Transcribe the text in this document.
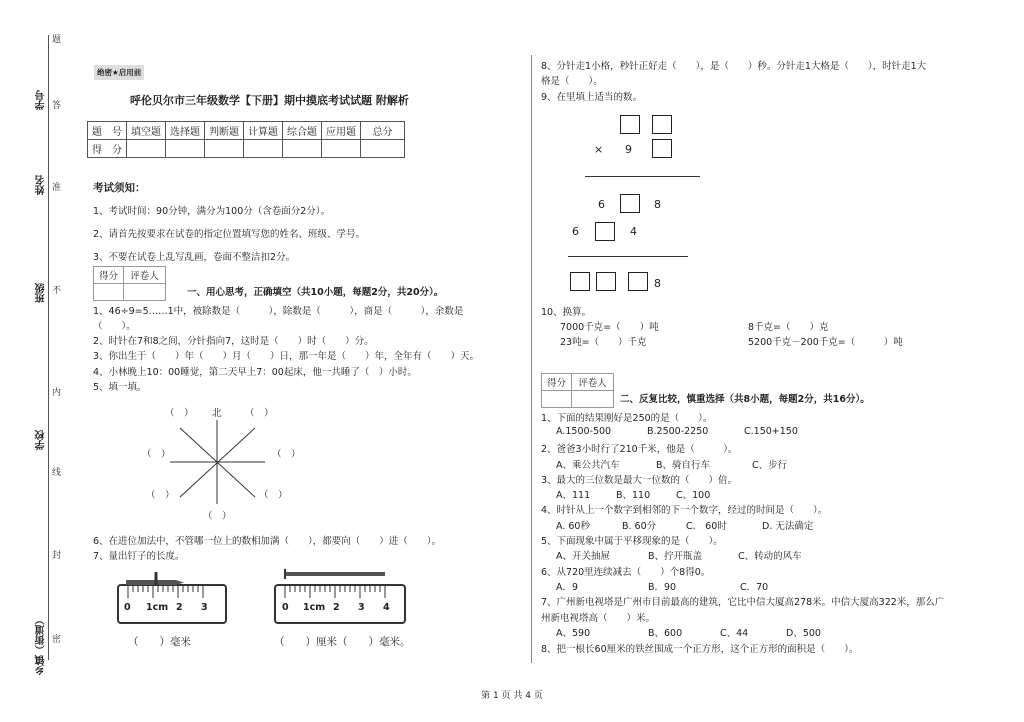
题
答
准
不
内
线
封
密
学号
姓名
班级
学校
乡镇（街道）
绝密★启用前
呼伦贝尔市三年级数学【下册】期中摸底考试试题 附解析
题　号	填空题	选择题	判断题	计算题	综合题	应用题	总分
得　分							
考试须知：
1、考试时间：90分钟，满分为100分（含卷面分2分）。
2、请首先按要求在试卷的指定位置填写您的姓名、班级、学号。
3、不要在试卷上乱写乱画，卷面不整洁扣2分。
得分	评卷人

一、用心思考，正确填空（共10小题，每题2分，共20分）。
1、46÷9=5……1中，被除数是（　　　），除数是（　　　），商是（　　　），余数是
（　　）。
2、时针在7和8之间，分针指向7，这时是（　　）时（　　）分。
3、你出生于（　　）年（　　）月（　　）日，那一年是（　　）年，全年有（　　）天。
4、小林晚上10：00睡觉，第二天早上7：00起床，他一共睡了（　）小时。
5、填一填。
（　） 北 （　）
（　）	（　）
（　）	（　）
（　）
6、在进位加法中，不管哪一位上的数相加满（　　），都要向（　　）进（　　）。
7、量出钉子的长度。
0 1cm 2 3
（　　）毫米
0 1cm 2 3 4
（　　）厘米（　　）毫米。
8、分针走1小格，秒针正好走（　　），是（　　）秒。分针走1大格是（　　），时针走1大
格是（　　）。
9、在里填上适当的数。
× 9
6	8
6	4
8
10、换算。
7000千克=（　　）吨	8千克=（　　）克
23吨=（　　）千克	5200千克－200千克=（　　　）吨
得分	评卷人

二、反复比较，慎重选择（共8小题，每题2分，共16分）。
1、下面的结果刚好是250的是（　　）。
A.1500-500	B.2500-2250	C.150+150
2、爸爸3小时行了210千米，他是（　　　）。
A、乘公共汽车	B、骑自行车	C、步行
3、最大的三位数是最大一位数的（　　）倍。
A、111	B、110	C、100
4、时针从上一个数字到相邻的下一个数字，经过的时间是（　　）。
A. 60秒	B. 60分	C.　60时	D. 无法确定
5、下面现象中属于平移现象的是（　　）。
A、开关抽屉	B、拧开瓶盖	C、转动的风车
6、从720里连续减去（　　）个8得0。
A．9	B．90	C．70
7、广州新电视塔是广州市目前最高的建筑，它比中信大厦高278米。中信大厦高322米，那么广
州新电视塔高（　　）米。
A、590	B、600	C、44	D、500
8、把一根长60厘米的铁丝围成一个正方形，这个正方形的面积是（　　）。
第 1 页 共 4 页
